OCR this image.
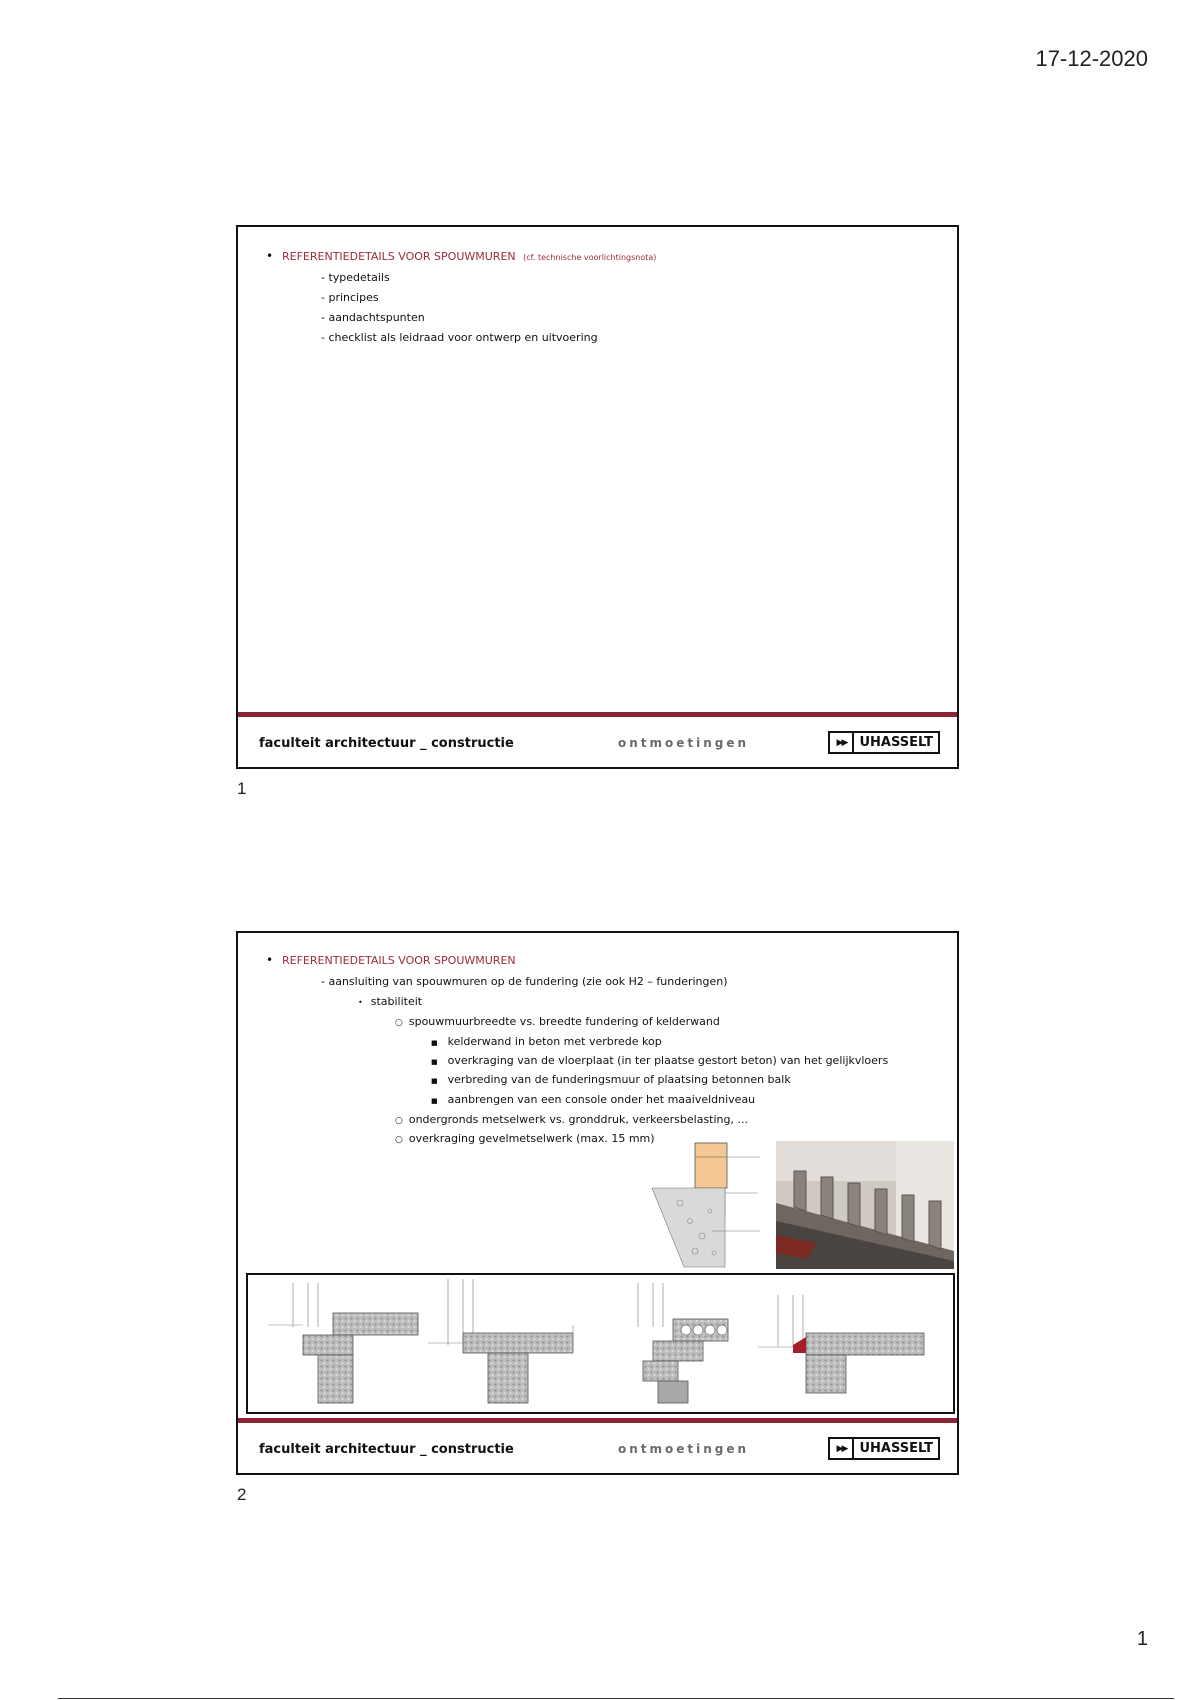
17-12-2020
• REFERENTIEDETAILS VOOR SPOUWMUREN (cf. technische voorlichtingsnota)
- typedetails
- principes
- aandachtspunten
- checklist als leidraad voor ontwerp en uitvoering
faculteit architectuur _ constructie	ontmoetingen	▶▶	UHASSELT
1
• REFERENTIEDETAILS VOOR SPOUWMUREN
- aansluiting van spouwmuren op de fundering (zie ook H2 – funderingen)
• stabiliteit
○ spouwmuurbreedte vs. breedte fundering of kelderwand
■ kelderwand in beton met verbrede kop
■ overkraging van de vloerplaat (in ter plaatse gestort beton) van het gelijkvloers
■ verbreding van de funderingsmuur of plaatsing betonnen balk
■ aanbrengen van een console onder het maaiveldniveau
○ ondergronds metselwerk vs. gronddruk, verkeersbelasting, ...
○ overkraging gevelmetselwerk (max. 15 mm)
faculteit architectuur _ constructie	ontmoetingen	▶▶	UHASSELT
2
1
